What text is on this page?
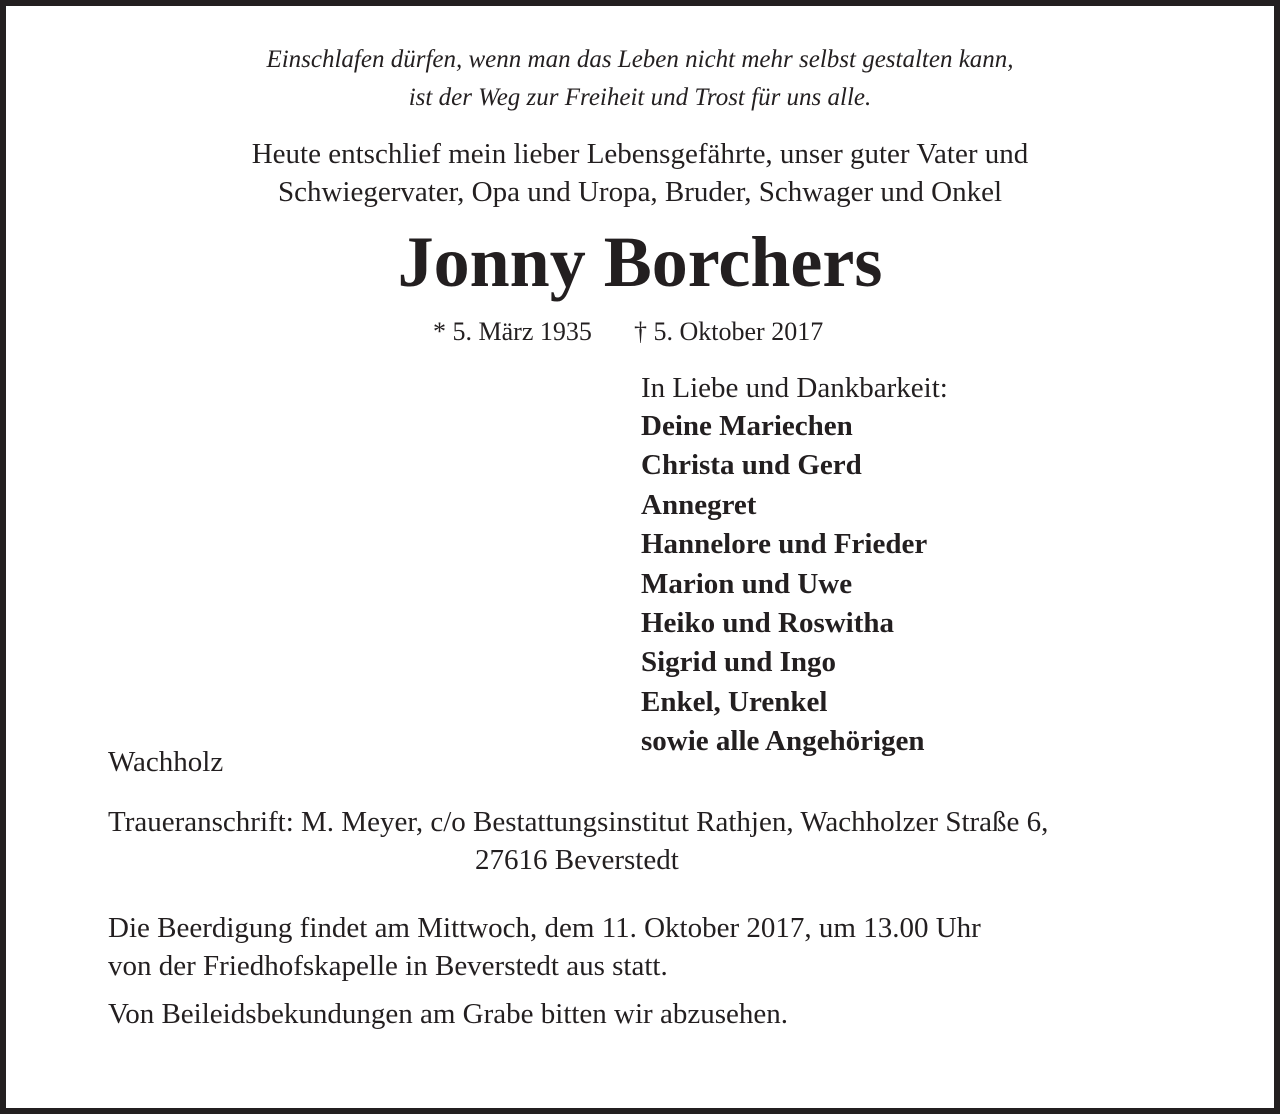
Einschlafen dürfen, wenn man das Leben nicht mehr selbst gestalten kann,
ist der Weg zur Freiheit und Trost für uns alle.
Heute entschlief mein lieber Lebensgefährte, unser guter Vater und
Schwiegervater, Opa und Uropa, Bruder, Schwager und Onkel
Jonny Borchers
* 5. März 1935 † 5. Oktober 2017
In Liebe und Dankbarkeit:
Deine Mariechen
Christa und Gerd
Annegret
Hannelore und Frieder
Marion und Uwe
Heiko und Roswitha
Sigrid und Ingo
Enkel, Urenkel
sowie alle Angehörigen
Wachholz
Traueranschrift: M. Meyer, c/o Bestattungsinstitut Rathjen, Wachholzer Straße 6,
27616 Beverstedt
Die Beerdigung findet am Mittwoch, dem 11. Oktober 2017, um 13.00 Uhr
von der Friedhofskapelle in Beverstedt aus statt.
Von Beileidsbekundungen am Grabe bitten wir abzusehen.
